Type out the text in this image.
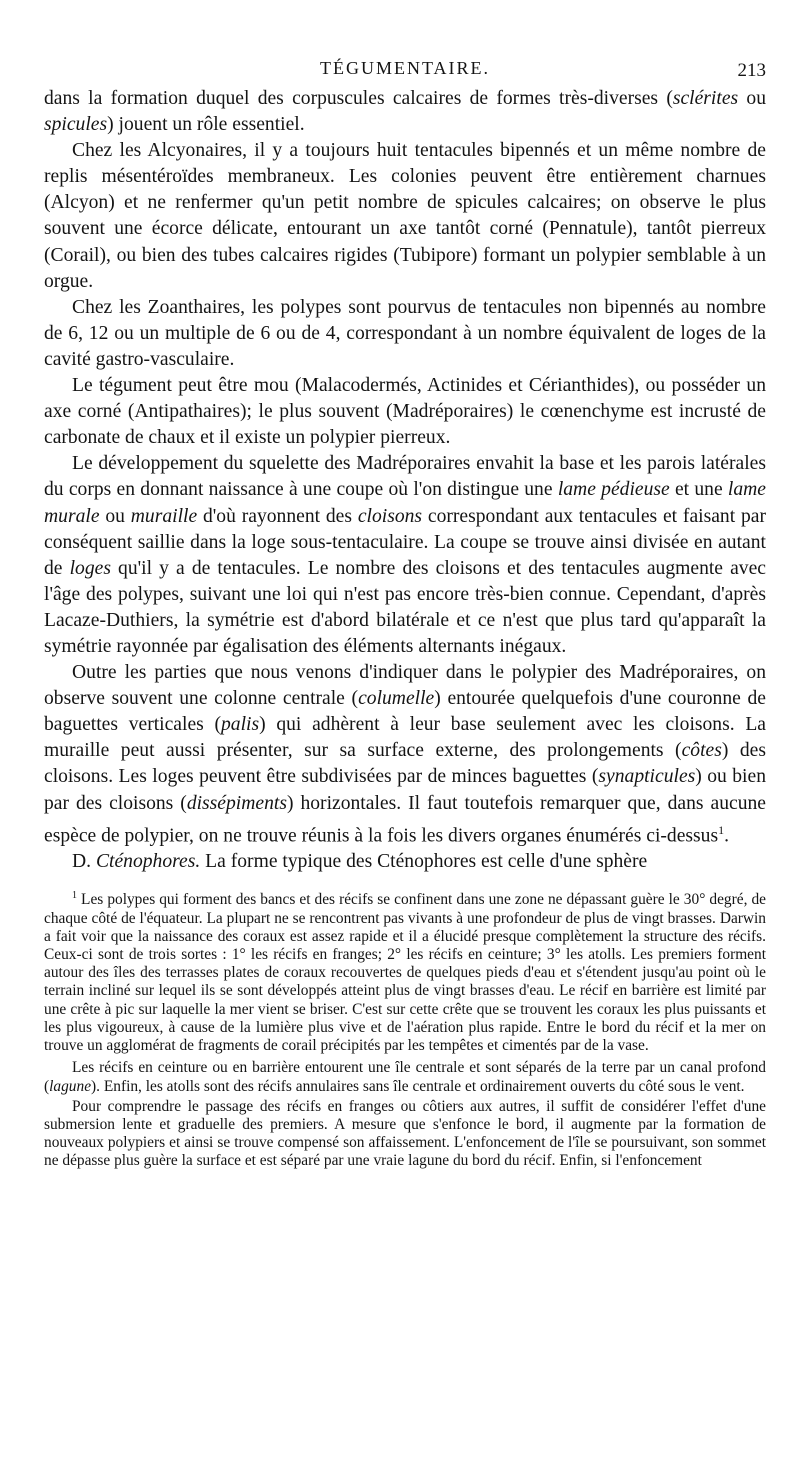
TÉGUMENTAIRE.	213

dans la formation duquel des corpuscules calcaires de formes très-diverses (sclérites ou spicules) jouent un rôle essentiel.

Chez les Alcyonaires, il y a toujours huit tentacules bipennés et un même nombre de replis mésentéroïdes membraneux. Les colonies peuvent être entièrement charnues (Alcyon) et ne renfermer qu'un petit nombre de spicules calcaires; on observe le plus souvent une écorce délicate, entourant un axe tantôt corné (Pennatule), tantôt pierreux (Corail), ou bien des tubes calcaires rigides (Tubipore) formant un polypier semblable à un orgue.

Chez les Zoanthaires, les polypes sont pourvus de tentacules non bipennés au nombre de 6, 12 ou un multiple de 6 ou de 4, correspondant à un nombre équivalent de loges de la cavité gastro-vasculaire.

Le tégument peut être mou (Malacodermés, Actinides et Cérianthides), ou posséder un axe corné (Antipathaires); le plus souvent (Madréporaires) le cœnenchyme est incrusté de carbonate de chaux et il existe un polypier pierreux.

Le développement du squelette des Madréporaires envahit la base et les parois latérales du corps en donnant naissance à une coupe où l'on distingue une lame pédieuse et une lame murale ou muraille d'où rayonnent des cloisons correspondant aux tentacules et faisant par conséquent saillie dans la loge sous-tentaculaire. La coupe se trouve ainsi divisée en autant de loges qu'il y a de tentacules. Le nombre des cloisons et des tentacules augmente avec l'âge des polypes, suivant une loi qui n'est pas encore très-bien connue. Cependant, d'après Lacaze-Duthiers, la symétrie est d'abord bilatérale et ce n'est que plus tard qu'apparaît la symétrie rayonnée par égalisation des éléments alternants inégaux.

Outre les parties que nous venons d'indiquer dans le polypier des Madréporaires, on observe souvent une colonne centrale (columelle) entourée quelquefois d'une couronne de baguettes verticales (palis) qui adhèrent à leur base seulement avec les cloisons. La muraille peut aussi présenter, sur sa surface externe, des prolongements (côtes) des cloisons. Les loges peuvent être subdivisées par de minces baguettes (synapticules) ou bien par des cloisons (dissépiments) horizontales. Il faut toutefois remarquer que, dans aucune espèce de polypier, on ne trouve réunis à la fois les divers organes énumérés ci-dessus$^1$.

D. Cténophores. La forme typique des Cténophores est celle d'une sphère

$^1$ Les polypes qui forment des bancs et des récifs se confinent dans une zone ne dépassant guère le 30° degré, de chaque côté de l'équateur. La plupart ne se rencontrent pas vivants à une profondeur de plus de vingt brasses. Darwin a fait voir que la naissance des coraux est assez rapide et il a élucidé presque complètement la structure des récifs. Ceux-ci sont de trois sortes : 1° les récifs en franges; 2° les récifs en ceinture; 3° les atolls. Les premiers forment autour des îles des terrasses plates de coraux recouvertes de quelques pieds d'eau et s'étendent jusqu'au point où le terrain incliné sur lequel ils se sont développés atteint plus de vingt brasses d'eau. Le récif en barrière est limité par une crête à pic sur laquelle la mer vient se briser. C'est sur cette crête que se trouvent les coraux les plus puissants et les plus vigoureux, à cause de la lumière plus vive et de l'aération plus rapide. Entre le bord du récif et la mer on trouve un agglomérat de fragments de corail précipités par les tempêtes et cimentés par de la vase.

Les récifs en ceinture ou en barrière entourent une île centrale et sont séparés de la terre par un canal profond (lagune). Enfin, les atolls sont des récifs annulaires sans île centrale et ordinairement ouverts du côté sous le vent.

Pour comprendre le passage des récifs en franges ou côtiers aux autres, il suffit de considérer l'effet d'une submersion lente et graduelle des premiers. A mesure que s'enfonce le bord, il augmente par la formation de nouveaux polypiers et ainsi se trouve compensé son affaissement. L'enfoncement de l'île se poursuivant, son sommet ne dépasse plus guère la surface et est séparé par une vraie lagune du bord du récif. Enfin, si l'enfoncement
